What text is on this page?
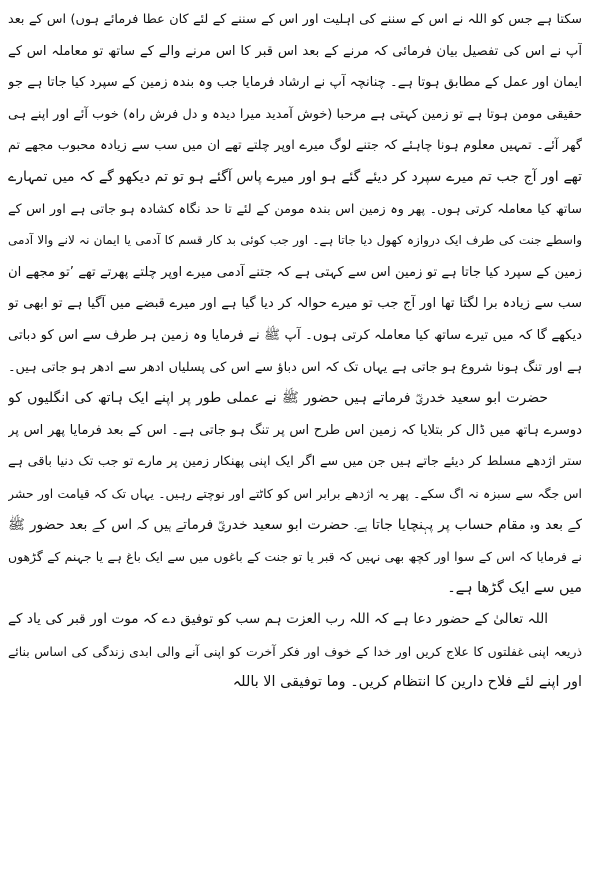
سکتا ہے جس کو اللہ نے اس کے سننے کی اہلیت اور اس کے سننے کے لئے کان عطا فرمائے ہوں) اس کے بعد
آپ نے اس کی تفصیل بیان فرمائی کہ مرنے کے بعد اس قبر کا اس مرنے والے کے ساتھ تو معاملہ اس کے
ایمان اور عمل کے مطابق ہوتا ہے۔ چنانچہ آپ نے ارشاد فرمایا جب وہ بندہ زمین کے سپرد کیا جاتا ہے جو
حقیقی مومن ہوتا ہے تو زمین کہتی ہے مرحبا (خوش آمدید میرا دیدہ و دل فرش راہ) خوب آئے اور اپنے ہی
گھر آئے۔ تمہیں معلوم ہونا چاہئے کہ جتنے لوگ میرے اوپر چلتے تھے ان میں سب سے زیادہ محبوب مجھے تم
تھے اور آج جب تم میرے سپرد کر دیئے گئے ہو اور میرے پاس آگئے ہو تو تم دیکھو گے کہ میں تمہارے
ساتھ کیا معاملہ کرتی ہوں۔ پھر وہ زمین اس بندہ مومن کے لئے تا حد نگاہ کشادہ ہو جاتی ہے اور اس کے
واسطے جنت کی طرف ایک دروازہ کھول دیا جاتا ہے۔ اور جب کوئی بد کار قسم کا آدمی یا ایمان نہ لانے والا آدمی
زمین کے سپرد کیا جاتا ہے تو زمین اس سے کہتی ہے کہ جتنے آدمی میرے اوپر چلتے پھرتے تھے ’تو مجھے ان
سب سے زیادہ برا لگتا تھا اور آج جب تو میرے حوالہ کر دیا گیا ہے اور میرے قبضے میں آگیا ہے تو ابھی تو
دیکھے گا کہ میں تیرے ساتھ کیا معاملہ کرتی ہوں۔ آپ ﷺ نے فرمایا وہ زمین ہر طرف سے اس کو دباتی
ہے اور تنگ ہونا شروع ہو جاتی ہے یہاں تک کہ اس دباؤ سے اس کی پسلیاں ادھر سے ادھر ہو جاتی ہیں۔
حضرت ابو سعید خدریؓ فرماتے ہیں حضور ﷺ نے عملی طور پر اپنے ایک ہاتھ کی انگلیوں کو
دوسرے ہاتھ میں ڈال کر بتلایا کہ زمین اس طرح اس پر تنگ ہو جاتی ہے۔ اس کے بعد فرمایا پھر اس پر
ستر اژدھے مسلط کر دیئے جاتے ہیں جن میں سے اگر ایک اپنی پھنکار زمین پر مارے تو جب تک دنیا باقی ہے
اس جگہ سے سبزہ نہ اگ سکے۔ پھر یہ اژدھے برابر اس کو کاٹتے اور نوچتے رہیں۔ یہاں تک کہ قیامت اور حشر
کے بعد وہ مقام حساب پر پہنچایا جاتا ہے۔ حضرت ابو سعید خدریؓ فرماتے ہیں کہ اس کے بعد حضور ﷺ
نے فرمایا کہ اس کے سوا اور کچھ بھی نہیں کہ قبر یا تو جنت کے باغوں میں سے ایک باغ ہے یا جہنم کے گڑھوں
میں سے ایک گڑھا ہے۔
اللہ تعالیٰ کے حضور دعا ہے کہ اللہ رب العزت ہم سب کو توفیق دے کہ موت اور قبر کی یاد کے
ذریعہ اپنی غفلتوں کا علاج کریں اور خدا کے خوف اور فکر آخرت کو اپنی آنے والی ابدی زندگی کی اساس بنائے
اور اپنے لئے فلاح دارین کا انتظام کریں۔ وما توفیقی الا باللہ
